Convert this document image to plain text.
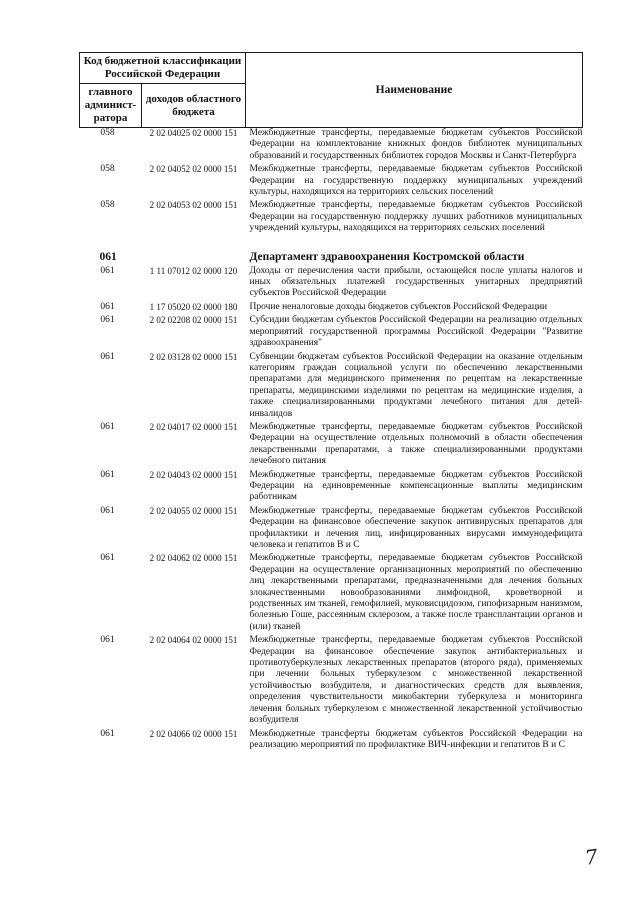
Код бюджетной классификации Российской Федерации		Наименование
главного админист-ратора	доходов областного бюджета	
058	2 02 04025 02 0000 151	Межбюджетные трансферты, передаваемые бюджетам субъектов Российской Федерации на комплектование книжных фондов библиотек муниципальных образований и государственных библиотек городов Москвы и Санкт-Петербурга
058	2 02 04052 02 0000 151	Межбюджетные трансферты, передаваемые бюджетам субъектов Российской Федерации на государственную поддержку муниципальных учреждений культуры, находящихся на территориях сельских поселений
058	2 02 04053 02 0000 151	Межбюджетные трансферты, передаваемые бюджетам субъектов Российской Федерации на государственную поддержку лучших работников муниципальных учреждений культуры, находящихся на территориях сельских поселений
061		Департамент здравоохранения Костромской области
061	1 11 07012 02 0000 120	Доходы от перечисления части прибыли, остающейся после уплаты налогов и иных обязательных платежей государственных унитарных предприятий субъектов Российской Федерации
061	1 17 05020 02 0000 180	Прочие неналоговые доходы бюджетов субъектов Российской Федерации
061	2 02 02208 02 0000 151	Субсидии бюджетам субъектов Российской Федерации на реализацию отдельных мероприятий государственной программы Российской Федерации "Развитие здравоохранения"
061	2 02 03128 02 0000 151	Субвенции бюджетам субъектов Российской Федерации на оказание отдельным категориям граждан социальной услуги по обеспечению лекарственными препаратами для медицинского применения по рецептам на лекарственные препараты, медицинскими изделиями по рецептам на медицинские изделия, а также специализированными продуктами лечебного питания для детей-инвалидов
061	2 02 04017 02 0000 151	Межбюджетные трансферты, передаваемые бюджетам субъектов Российской Федерации на осуществление отдельных полномочий в области обеспечения лекарственными препаратами, а также специализированными продуктами лечебного питания
061	2 02 04043 02 0000 151	Межбюджетные трансферты, передаваемые бюджетам субъектов Российской Федерации на единовременные компенсационные выплаты медицинским работникам
061	2 02 04055 02 0000 151	Межбюджетные трансферты, передаваемые бюджетам субъектов Российской Федерации на финансовое обеспечение закупок антивирусных препаратов для профилактики и лечения лиц, инфицированных вирусами иммунодефицита человека и гепатитов В и С
061	2 02 04062 02 0000 151	Межбюджетные трансферты, передаваемые бюджетам субъектов Российской Федерации на осуществление организационных мероприятий по обеспечению лиц лекарственными препаратами, предназначенными для лечения больных злокачественными новообразованиями лимфоидной, кроветворной и родственных им тканей, гемофилией, муковисцидозом, гипофизарным нанизмом, болезнью Гоше, рассеянным склерозом, а также после трансплантации органов и (или) тканей
061	2 02 04064 02 0000 151	Межбюджетные трансферты, передаваемые бюджетам субъектов Российской Федерации на финансовое обеспечение закупок антибактериальных и противотуберкулезных лекарственных препаратов (второго ряда), применяемых при лечении больных туберкулезом с множественной лекарственной устойчивостью возбудителя, и диагностических средств для выявления, определения чувствительности микобактерии туберкулеза и мониторинга лечения больных туберкулезом с множественной лекарственной устойчивостью возбудителя
061	2 02 04066 02 0000 151	Межбюджетные трансферты бюджетам субъектов Российской Федерации на реализацию мероприятий по профилактике ВИЧ-инфекции и гепатитов В и С
7
